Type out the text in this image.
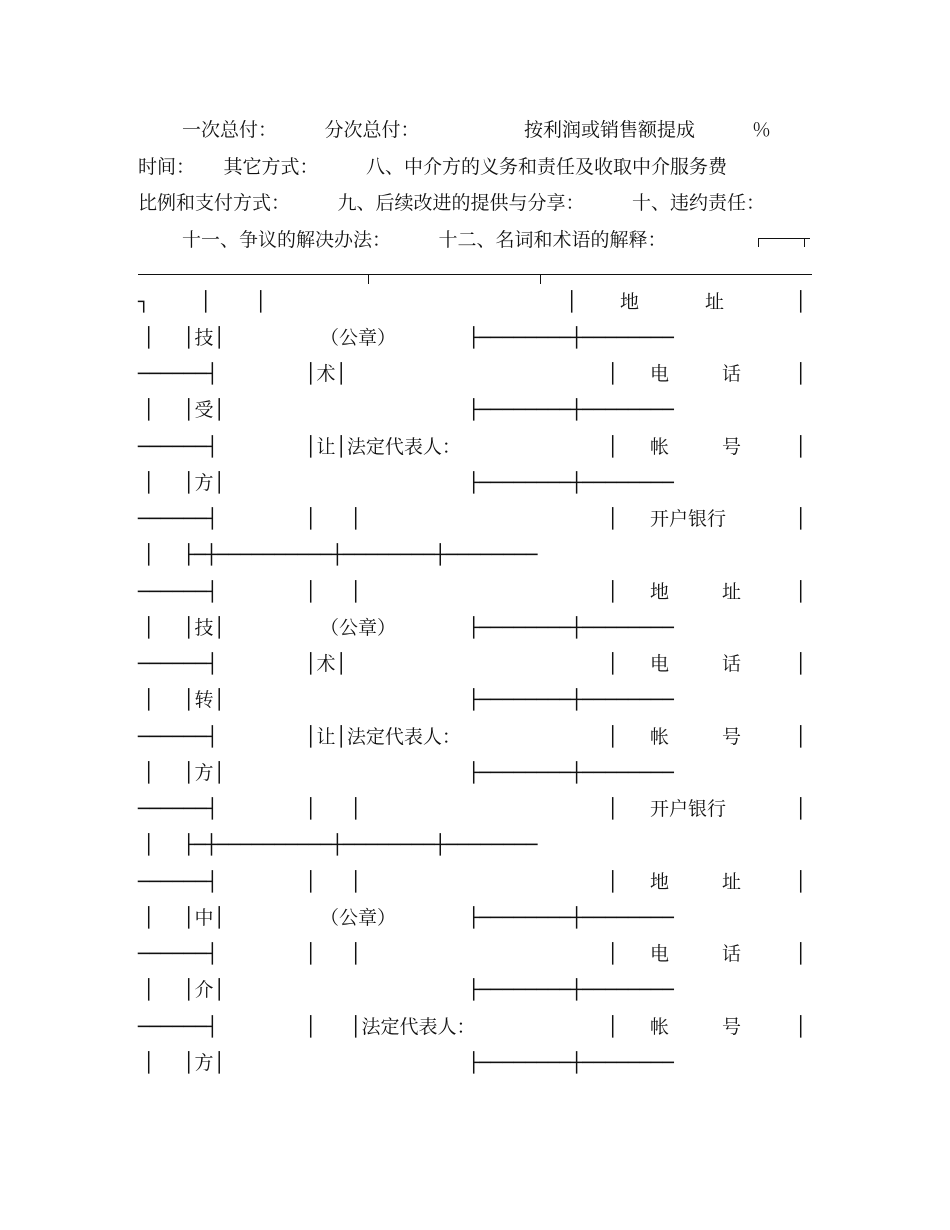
一次总付：　　　分次总付：　　　　　　按利润或销售额提成　　　％
时间：　　其它方式：　　　八、中介方的义务和责任及收取中介服务费
比例和支付方式：　　　九、后续改进的提供与分享：　　　十、违约责任：
十一、争议的解决办法：　　　十二、名词和术语的解释：
┐	│ │	│ 地	址	│
│ │技│	（公章）	├────────┼────────
──────┤	│术│	│ 电	话	│
│ │受│	├────────┼────────
──────┤	│让│法定代表人：	│ 帐	号	│
│ │方│	├────────┼────────
──────┤	│ │	│ 开户银行	│
│ ├─┼──────────┼────────┼────────
──────┤	│ │	│ 地	址	│
│ │技│	（公章）	├────────┼────────
──────┤	│术│	│ 电	话	│
│ │转│	├────────┼────────
──────┤	│让│法定代表人：	│ 帐	号	│
│ │方│	├────────┼────────
──────┤	│ │	│ 开户银行	│
│ ├─┼──────────┼────────┼────────
──────┤	│ │	│ 地	址	│
│ │中│	（公章）	├────────┼────────
──────┤	│ │	│ 电	话	│
│ │介│	├────────┼────────
──────┤	│ │法定代表人：	│ 帐	号	│
│ │方│	├────────┼────────
